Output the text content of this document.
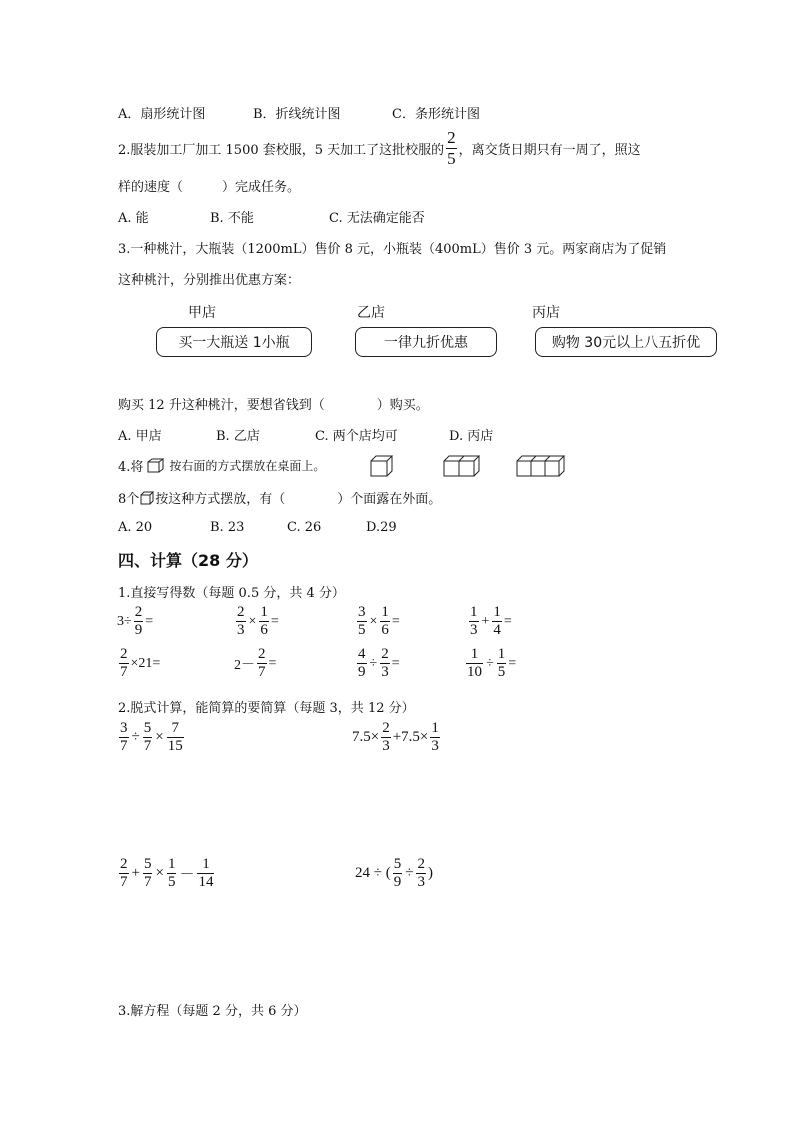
A．扇形统计图	B．折线统计图	C．条形统计图
2.服装加工厂加工 1500 套校服，5 天加工了这批校服的 $\frac{2}{5}$ ，离交货日期只有一周了，照这
样的速度（　　　）完成任务。
A. 能	B. 不能	C. 无法确定能否
3.一种桃汁，大瓶装（1200mL）售价 8 元，小瓶装（400mL）售价 3 元。两家商店为了促销
这种桃汁，分别推出优惠方案：
甲店	乙店	丙店
买一大瓶送 1小瓶	一律九折优惠	购物 30元以上八五折优
购买 12 升这种桃汁，要想省钱到（　　　　）购买。
A. 甲店	B. 乙店	C. 两个店均可	D. 丙店
4.将 按右面的方式摆放在桌面上。
8个 按这种方式摆放，有（　　　　）个面露在外面。
A. 20	B. 23	C. 26	D.29
四、计算（28 分）
1.直接写得数（每题 0.5 分，共 4 分）
$3\div \frac{2}{9}$ =	$\frac{2}{3} \times \frac{1}{6}$ =	$\frac{3}{5} \times \frac{1}{6}$ =	$\frac{1}{3} + \frac{1}{4}$ =
$\frac{2}{7} \times 21=$	$2- \frac{2}{7}$ =	$\frac{4}{9} \div \frac{2}{3}$ =	$\frac{1}{10} \div \frac{1}{5}$ =
2.脱式计算，能简算的要简算（每题 3，共 12 分）
$\frac{3}{7} \div \frac{5}{7} \times \frac{7}{15}$	$7.5\times \frac{2}{3} +7.5\times \frac{1}{3}$
$\frac{2}{7} + \frac{5}{7} \times \frac{1}{5} - \frac{1}{14}$	24 ÷ ( $\frac{5}{9} \div \frac{2}{3}$ )
3.解方程（每题 2 分，共 6 分）
